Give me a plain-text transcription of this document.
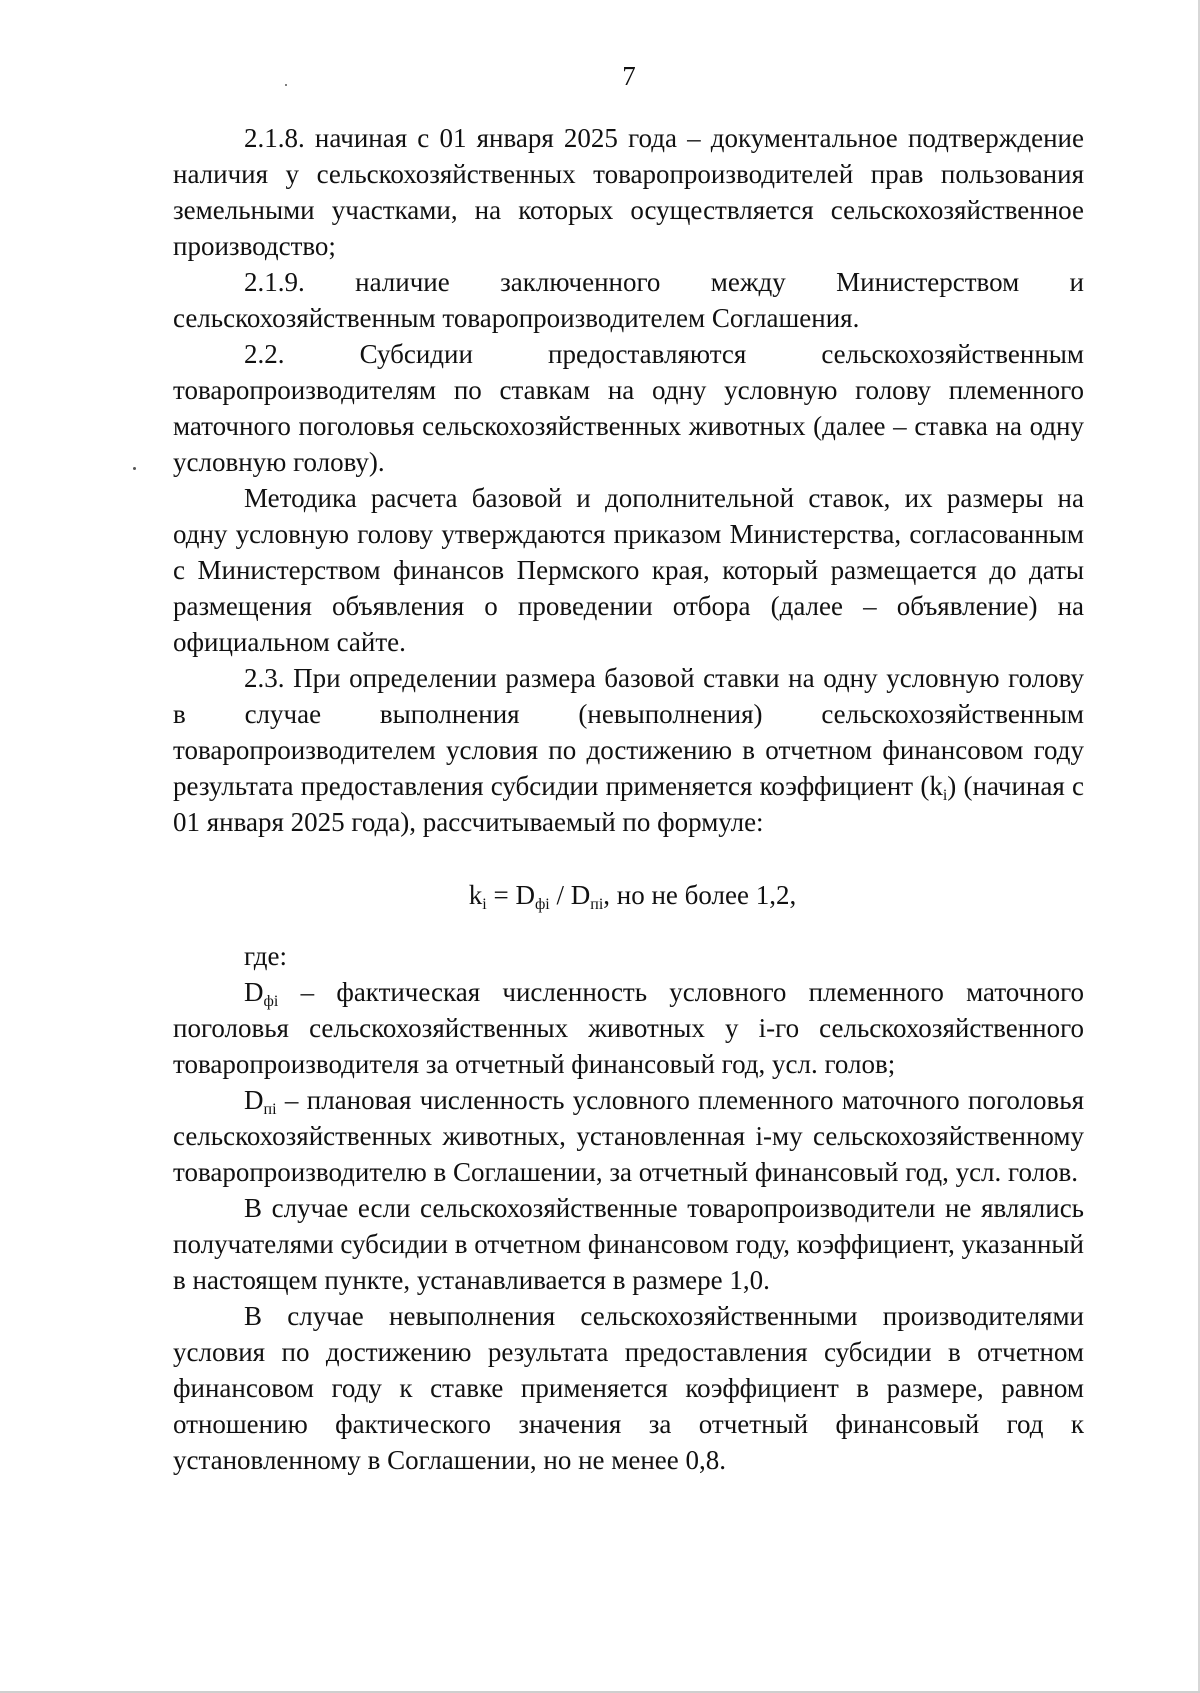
7

2.1.8. начиная с 01 января 2025 года – документальное подтверждение наличия у сельскохозяйственных товаропроизводителей прав пользования земельными участками, на которых осуществляется сельскохозяйственное производство;

2.1.9. наличие заключенного между Министерством и сельскохозяйственным товаропроизводителем Соглашения.

2.2. Субсидии предоставляются сельскохозяйственным товаропроизводителям по ставкам на одну условную голову племенного маточного поголовья сельскохозяйственных животных (далее – ставка на одну условную голову).

Методика расчета базовой и дополнительной ставок, их размеры на одну условную голову утверждаются приказом Министерства, согласованным с Министерством финансов Пермского края, который размещается до даты размещения объявления о проведении отбора (далее – объявление) на официальном сайте.

2.3. При определении размера базовой ставки на одну условную голову в случае выполнения (невыполнения) сельскохозяйственным товаропроизводителем условия по достижению в отчетном финансовом году результата предоставления субсидии применяется коэффициент $(k_i)$ (начиная с 01 января 2025 года), рассчитываемый по формуле:

$k_i = D_{фi} / D_{пi}$, но не более 1,2,

где:

$D_{фi}$ – фактическая численность условного племенного маточного поголовья сельскохозяйственных животных у i-го сельскохозяйственного товаропроизводителя за отчетный финансовый год, усл. голов;

$D_{пi}$ – плановая численность условного племенного маточного поголовья сельскохозяйственных животных, установленная i-му сельскохозяйственному товаропроизводителю в Соглашении, за отчетный финансовый год, усл. голов.

В случае если сельскохозяйственные товаропроизводители не являлись получателями субсидии в отчетном финансовом году, коэффициент, указанный в настоящем пункте, устанавливается в размере 1,0.

В случае невыполнения сельскохозяйственными производителями условия по достижению результата предоставления субсидии в отчетном финансовом году к ставке применяется коэффициент в размере, равном отношению фактического значения за отчетный финансовый год к установленному в Соглашении, но не менее 0,8.
